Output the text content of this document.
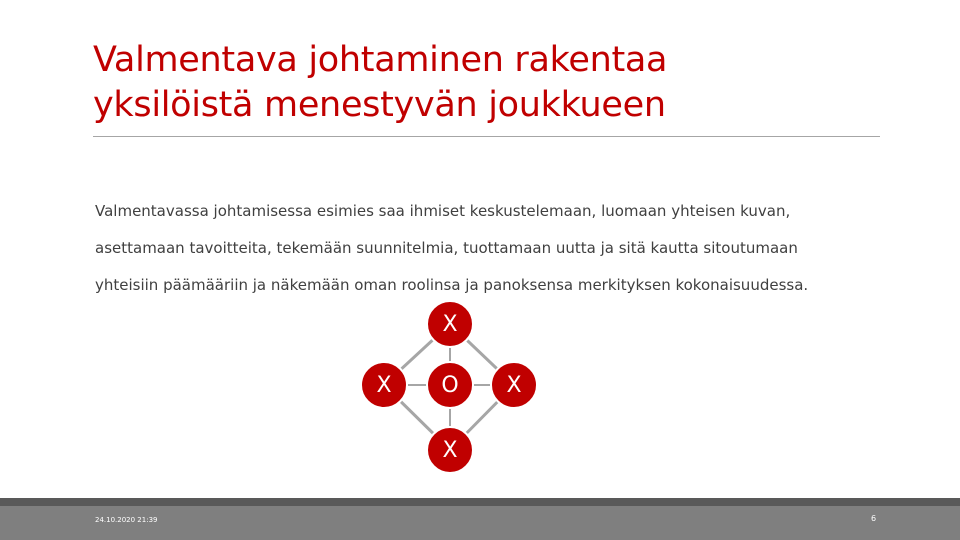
Valmentava johtaminen rakentaa
yksilöistä menestyvän joukkueen
Valmentavassa johtamisessa esimies saa ihmiset keskustelemaan, luomaan yhteisen kuvan,
asettamaan tavoitteita, tekemään suunnitelmia, tuottamaan uutta ja sitä kautta sitoutumaan
yhteisiin päämääriin ja näkemään oman roolinsa ja panoksensa merkityksen kokonaisuudessa.
X
X	O	X
X
24.10.2020 21:39	6
